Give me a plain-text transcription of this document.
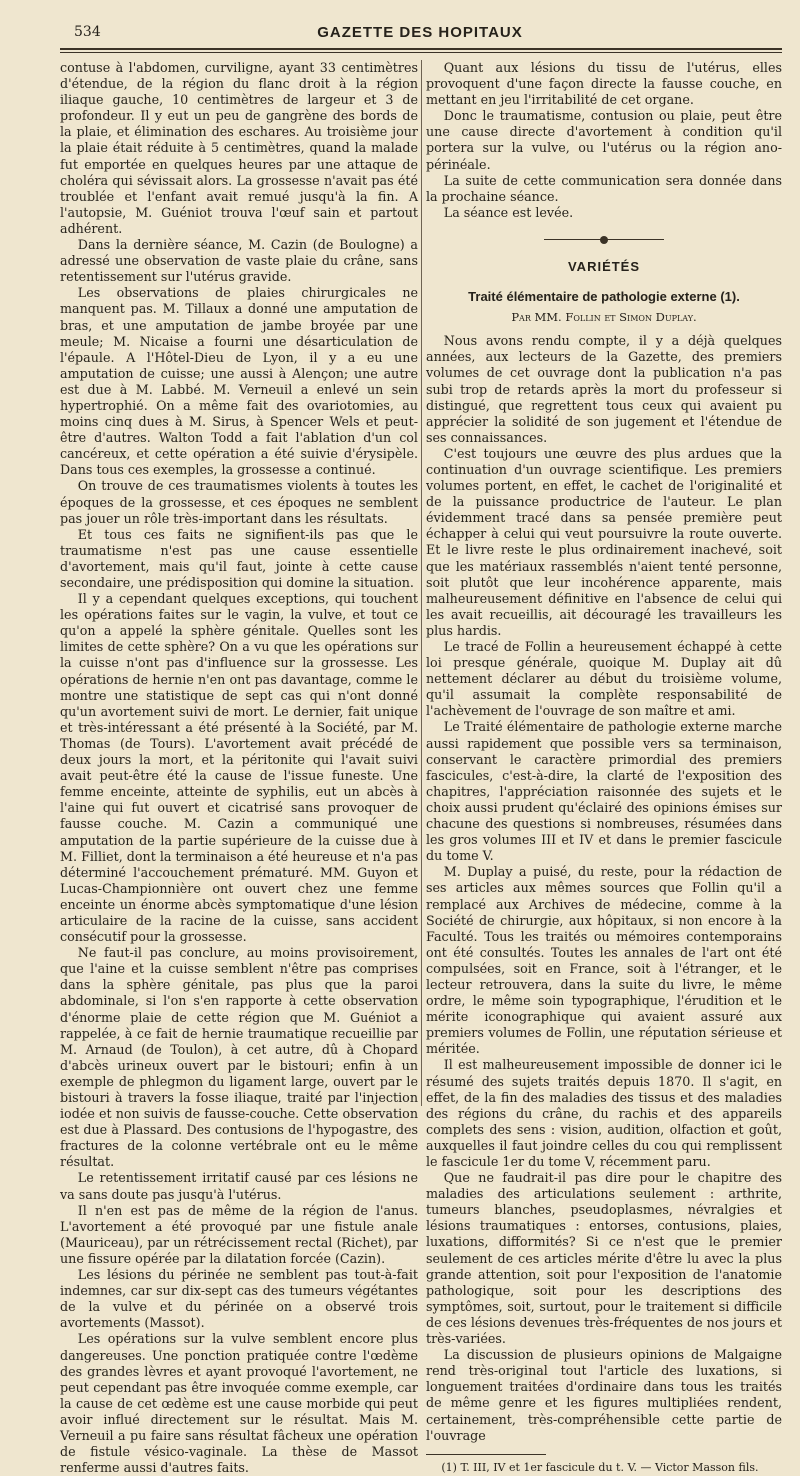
534	GAZETTE DES HOPITAUX

contuse à l'abdomen, curviligne, ayant 33 centimètres d'étendue, de la région du flanc droit à la région iliaque gauche, 10 centimètres de largeur et 3 de profondeur. Il y eut un peu de gangrène des bords de la plaie, et élimination des eschares. Au troisième jour la plaie était réduite à 5 centimètres, quand la malade fut emportée en quelques heures par une attaque de choléra qui sévissait alors. La grossesse n'avait pas été troublée et l'enfant avait remué jusqu'à la fin. A l'autopsie, M. Guéniot trouva l'œuf sain et partout adhérent.

Dans la dernière séance, M. Cazin (de Boulogne) a adressé une observation de vaste plaie du crâne, sans retentissement sur l'utérus gravide.

Les observations de plaies chirurgicales ne manquent pas. M. Tillaux a donné une amputation de bras, et une amputation de jambe broyée par une meule; M. Nicaise a fourni une désarticulation de l'épaule. A l'Hôtel-Dieu de Lyon, il y a eu une amputation de cuisse; une aussi à Alençon; une autre est due à M. Labbé. M. Verneuil a enlevé un sein hypertrophié. On a même fait des ovariotomies, au moins cinq dues à M. Sirus, à Spencer Wels et peut-être d'autres. Walton Todd a fait l'ablation d'un col cancéreux, et cette opération a été suivie d'érysipèle. Dans tous ces exemples, la grossesse a continué.

On trouve de ces traumatismes violents à toutes les époques de la grossesse, et ces époques ne semblent pas jouer un rôle très-important dans les résultats.

Et tous ces faits ne signifient-ils pas que le traumatisme n'est pas une cause essentielle d'avortement, mais qu'il faut, jointe à cette cause secondaire, une prédisposition qui domine la situation.

Il y a cependant quelques exceptions, qui touchent les opérations faites sur le vagin, la vulve, et tout ce qu'on a appelé la sphère génitale. Quelles sont les limites de cette sphère? On a vu que les opérations sur la cuisse n'ont pas d'influence sur la grossesse. Les opérations de hernie n'en ont pas davantage, comme le montre une statistique de sept cas qui n'ont donné qu'un avortement suivi de mort. Le dernier, fait unique et très-intéressant a été présenté à la Société, par M. Thomas (de Tours). L'avortement avait précédé de deux jours la mort, et la péritonite qui l'avait suivi avait peut-être été la cause de l'issue funeste. Une femme enceinte, atteinte de syphilis, eut un abcès à l'aine qui fut ouvert et cicatrisé sans provoquer de fausse couche. M. Cazin a communiqué une amputation de la partie supérieure de la cuisse due à M. Filliet, dont la terminaison a été heureuse et n'a pas déterminé l'accouchement prématuré. MM. Guyon et Lucas-Championnière ont ouvert chez une femme enceinte un énorme abcès symptomatique d'une lésion articulaire de la racine de la cuisse, sans accident consécutif pour la grossesse.

Ne faut-il pas conclure, au moins provisoirement, que l'aine et la cuisse semblent n'être pas comprises dans la sphère génitale, pas plus que la paroi abdominale, si l'on s'en rapporte à cette observation d'énorme plaie de cette région que M. Guéniot a rappelée, à ce fait de hernie traumatique recueillie par M. Arnaud (de Toulon), à cet autre, dû à Chopard d'abcès urineux ouvert par le bistouri; enfin à un exemple de phlegmon du ligament large, ouvert par le bistouri à travers la fosse iliaque, traité par l'injection iodée et non suivis de fausse-couche. Cette observation est due à Plassard. Des contusions de l'hypogastre, des fractures de la colonne vertébrale ont eu le même résultat.

Le retentissement irritatif causé par ces lésions ne va sans doute pas jusqu'à l'utérus.

Il n'en est pas de même de la région de l'anus. L'avortement a été provoqué par une fistule anale (Mauriceau), par un rétrécissement rectal (Richet), par une fissure opérée par la dilatation forcée (Cazin).

Les lésions du périnée ne semblent pas tout-à-fait indemnes, car sur dix-sept cas des tumeurs végétantes de la vulve et du périnée on a observé trois avortements (Massot).

Les opérations sur la vulve semblent encore plus dangereuses. Une ponction pratiquée contre l'œdème des grandes lèvres et ayant provoqué l'avortement, ne peut cependant pas être invoquée comme exemple, car la cause de cet œdème est une cause morbide qui peut avoir influé directement sur le résultat. Mais M. Verneuil a pu faire sans résultat fâcheux une opération de fistule vésico-vaginale. La thèse de Massot renferme aussi d'autres faits.

Quant aux lésions du tissu de l'utérus, elles provoquent d'une façon directe la fausse couche, en mettant en jeu l'irritabilité de cet organe.

Donc le traumatisme, contusion ou plaie, peut être une cause directe d'avortement à condition qu'il portera sur la vulve, ou l'utérus ou la région ano-périnéale.

La suite de cette communication sera donnée dans la prochaine séance.

La séance est levée.

VARIÉTÉS
Traité élémentaire de pathologie externe (1).
Par MM. Follin et Simon Duplay.

Nous avons rendu compte, il y a déjà quelques années, aux lecteurs de la Gazette, des premiers volumes de cet ouvrage dont la publication n'a pas subi trop de retards après la mort du professeur si distingué, que regrettent tous ceux qui avaient pu apprécier la solidité de son jugement et l'étendue de ses connaissances.

C'est toujours une œuvre des plus ardues que la continuation d'un ouvrage scientifique. Les premiers volumes portent, en effet, le cachet de l'originalité et de la puissance productrice de l'auteur. Le plan évidemment tracé dans sa pensée première peut échapper à celui qui veut poursuivre la route ouverte. Et le livre reste le plus ordinairement inachevé, soit que les matériaux rassemblés n'aient tenté personne, soit plutôt que leur incohérence apparente, mais malheureusement définitive en l'absence de celui qui les avait recueillis, ait découragé les travailleurs les plus hardis.

Le tracé de Follin a heureusement échappé à cette loi presque générale, quoique M. Duplay ait dû nettement déclarer au début du troisième volume, qu'il assumait la complète responsabilité de l'achèvement de l'ouvrage de son maître et ami.

Le Traité élémentaire de pathologie externe marche aussi rapidement que possible vers sa terminaison, conservant le caractère primordial des premiers fascicules, c'est-à-dire, la clarté de l'exposition des chapitres, l'appréciation raisonnée des sujets et le choix aussi prudent qu'éclairé des opinions émises sur chacune des questions si nombreuses, résumées dans les gros volumes III et IV et dans le premier fascicule du tome V.

M. Duplay a puisé, du reste, pour la rédaction de ses articles aux mêmes sources que Follin qu'il a remplacé aux Archives de médecine, comme à la Société de chirurgie, aux hôpitaux, si non encore à la Faculté. Tous les traités ou mémoires contemporains ont été consultés. Toutes les annales de l'art ont été compulsées, soit en France, soit à l'étranger, et le lecteur retrouvera, dans la suite du livre, le même ordre, le même soin typographique, l'érudition et le mérite iconographique qui avaient assuré aux premiers volumes de Follin, une réputation sérieuse et méritée.

Il est malheureusement impossible de donner ici le résumé des sujets traités depuis 1870. Il s'agit, en effet, de la fin des maladies des tissus et des maladies des régions du crâne, du rachis et des appareils complets des sens : vision, audition, olfaction et goût, auxquelles il faut joindre celles du cou qui remplissent le fascicule 1er du tome V, récemment paru.

Que ne faudrait-il pas dire pour le chapitre des maladies des articulations seulement : arthrite, tumeurs blanches, pseudoplasmes, névralgies et lésions traumatiques : entorses, contusions, plaies, luxations, difformités? Si ce n'est que le premier seulement de ces articles mérite d'être lu avec la plus grande attention, soit pour l'exposition de l'anatomie pathologique, soit pour les descriptions des symptômes, soit, surtout, pour le traitement si difficile de ces lésions devenues très-fréquentes de nos jours et très-variées.

La discussion de plusieurs opinions de Malgaigne rend très-original tout l'article des luxations, si longuement traitées d'ordinaire dans tous les traités de même genre et les figures multipliées rendent, certainement, très-compréhensible cette partie de l'ouvrage

(1) T. III, IV et 1er fascicule du t. V. — Victor Masson fils.
